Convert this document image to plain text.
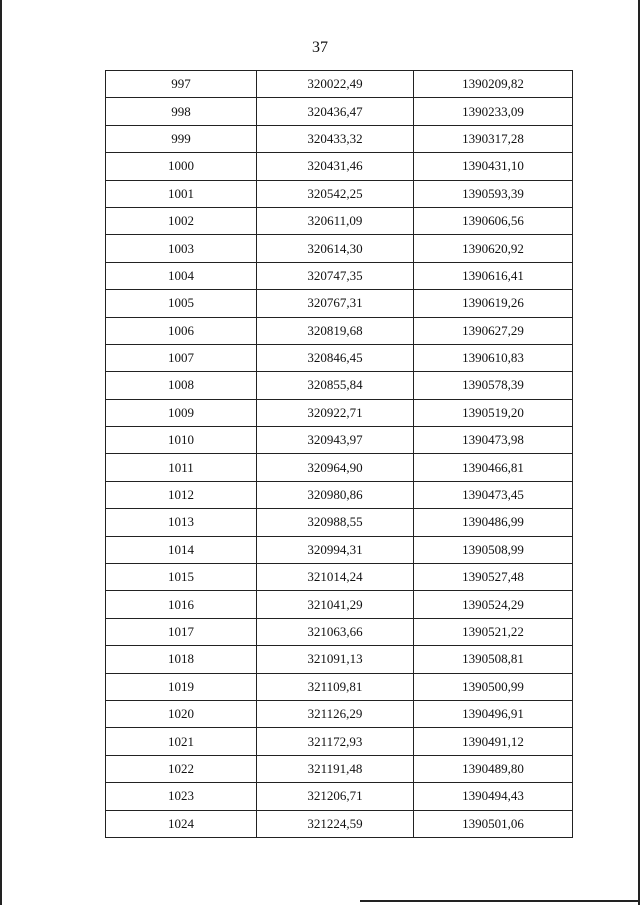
37
997	320022,49	1390209,82
998	320436,47	1390233,09
999	320433,32	1390317,28
1000	320431,46	1390431,10
1001	320542,25	1390593,39
1002	320611,09	1390606,56
1003	320614,30	1390620,92
1004	320747,35	1390616,41
1005	320767,31	1390619,26
1006	320819,68	1390627,29
1007	320846,45	1390610,83
1008	320855,84	1390578,39
1009	320922,71	1390519,20
1010	320943,97	1390473,98
1011	320964,90	1390466,81
1012	320980,86	1390473,45
1013	320988,55	1390486,99
1014	320994,31	1390508,99
1015	321014,24	1390527,48
1016	321041,29	1390524,29
1017	321063,66	1390521,22
1018	321091,13	1390508,81
1019	321109,81	1390500,99
1020	321126,29	1390496,91
1021	321172,93	1390491,12
1022	321191,48	1390489,80
1023	321206,71	1390494,43
1024	321224,59	1390501,06
